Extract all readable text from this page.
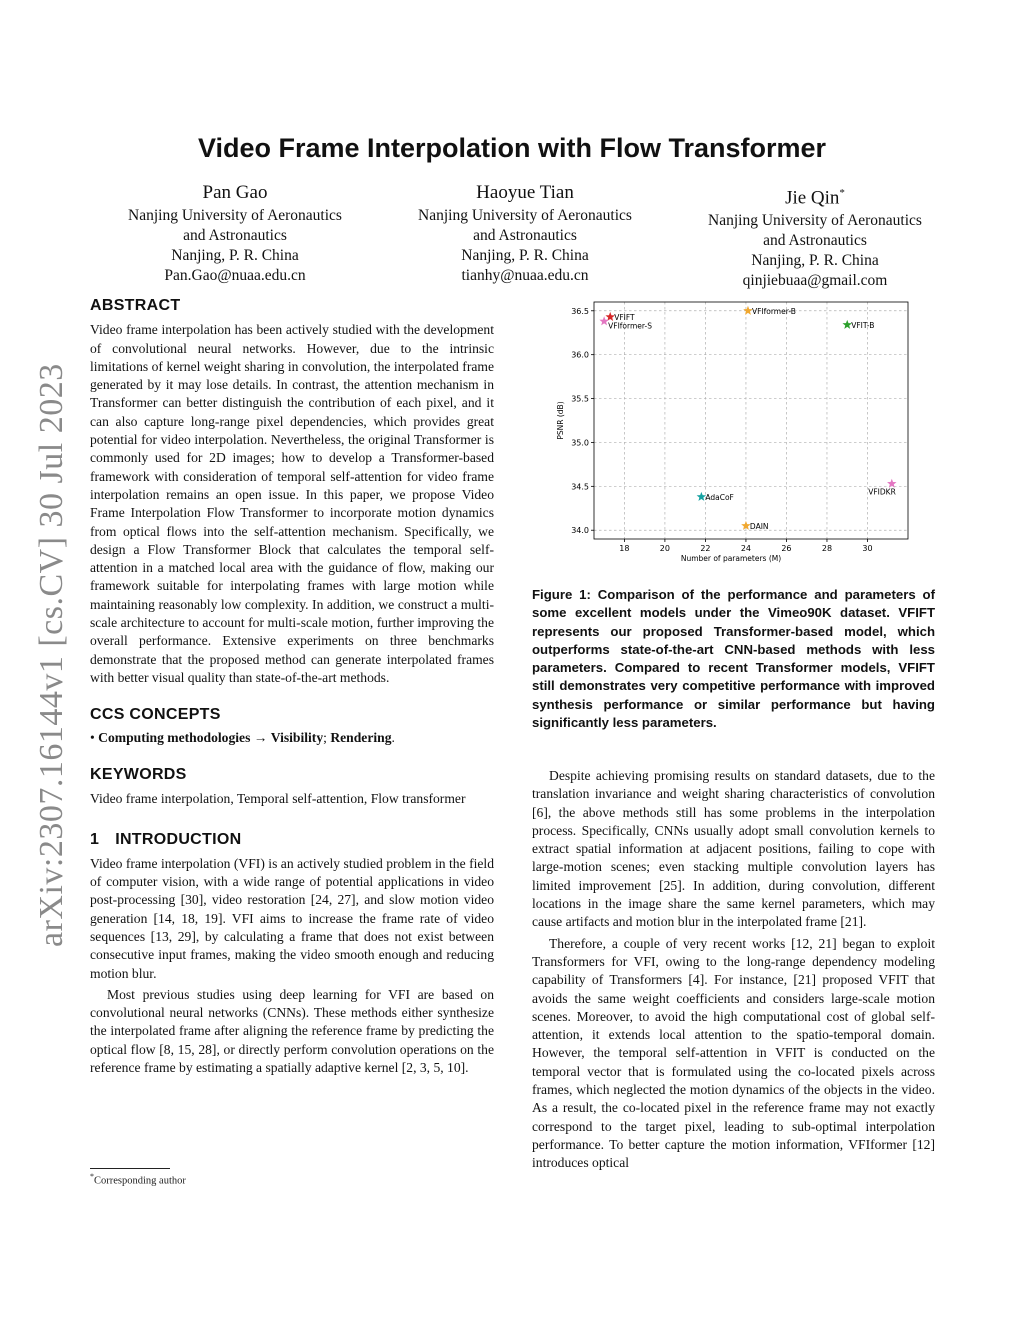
arXiv:2307.16144v1 [cs.CV] 30 Jul 2023
Video Frame Interpolation with Flow Transformer
Pan Gao
Nanjing University of Aeronautics
and Astronautics
Nanjing, P. R. China
Pan.Gao@nuaa.edu.cn
Haoyue Tian
Nanjing University of Aeronautics
and Astronautics
Nanjing, P. R. China
tianhy@nuaa.edu.cn
Jie Qin*
Nanjing University of Aeronautics
and Astronautics
Nanjing, P. R. China
qinjiebuaa@gmail.com
ABSTRACT

Video frame interpolation has been actively studied with the development of convolutional neural networks. However, due to the intrinsic limitations of kernel weight sharing in convolution, the interpolated frame generated by it may lose details. In contrast, the attention mechanism in Transformer can better distinguish the contribution of each pixel, and it can also capture long-range pixel dependencies, which provides great potential for video interpolation. Nevertheless, the original Transformer is commonly used for 2D images; how to develop a Transformer-based framework with consideration of temporal self-attention for video frame interpolation remains an open issue. In this paper, we propose Video Frame Interpolation Flow Transformer to incorporate motion dynamics from optical flows into the self-attention mechanism. Specifically, we design a Flow Transformer Block that calculates the temporal self-attention in a matched local area with the guidance of flow, making our framework suitable for interpolating frames with large motion while maintaining reasonably low complexity. In addition, we construct a multi-scale architecture to account for multi-scale motion, further improving the overall performance. Extensive experiments on three benchmarks demonstrate that the proposed method can generate interpolated frames with better visual quality than state-of-the-art methods.

CCS CONCEPTS

• Computing methodologies → Visibility; Rendering.

KEYWORDS

Video frame interpolation, Temporal self-attention, Flow transformer

1 INTRODUCTION

Video frame interpolation (VFI) is an actively studied problem in the field of computer vision, with a wide range of potential applications in video post-processing [30], video restoration [24, 27], and slow motion video generation [14, 18, 19]. VFI aims to increase the frame rate of video sequences [13, 29], by calculating a frame that does not exist between consecutive input frames, making the video smooth enough and reducing motion blur.

Most previous studies using deep learning for VFI are based on convolutional neural networks (CNNs). These methods either synthesize the interpolated frame after aligning the reference frame by predicting the optical flow [8, 15, 28], or directly perform convolution operations on the reference frame by estimating a spatially adaptive kernel [2, 3, 5, 10].

*Corresponding author
18	20	22	24	26	28	30
34.0
34.5
35.0
35.5
36.0
36.5
Number of parameters (M)
PSNR (dB)
VFIFT
VFIformer-S
VFIformer-B
VFIT-B
AdaCoF
VFIDKR
DAIN
Figure 1: Comparison of the performance and parameters of some excellent models under the Vimeo90K dataset. VFIFT represents our proposed Transformer-based model, which outperforms state-of-the-art CNN-based methods with less parameters. Compared to recent Transformer models, VFIFT still demonstrates very competitive performance with improved synthesis performance or similar performance but having significantly less parameters.

Despite achieving promising results on standard datasets, due to the translation invariance and weight sharing characteristics of convolution [6], the above methods still has some problems in the interpolation process. Specifically, CNNs usually adopt small convolution kernels to extract spatial information at adjacent positions, failing to cope with large-motion scenes; even stacking multiple convolution layers has limited improvement [25]. In addition, during convolution, different locations in the image share the same kernel parameters, which may cause artifacts and motion blur in the interpolated frame [21].

Therefore, a couple of very recent works [12, 21] began to exploit Transformers for VFI, owing to the long-range dependency modeling capability of Transformers [4]. For instance, [21] proposed VFIT that avoids the same weight coefficients and considers large-scale motion scenes. Moreover, to avoid the high computational cost of global self-attention, it extends local attention to the spatio-temporal domain. However, the temporal self-attention in VFIT is conducted on the temporal vector that is formulated using the co-located pixels across frames, which neglected the motion dynamics of the objects in the video. As a result, the co-located pixel in the reference frame may not exactly correspond to the target pixel, leading to sub-optimal interpolation performance. To better capture the motion information, VFIformer [12] introduces optical
